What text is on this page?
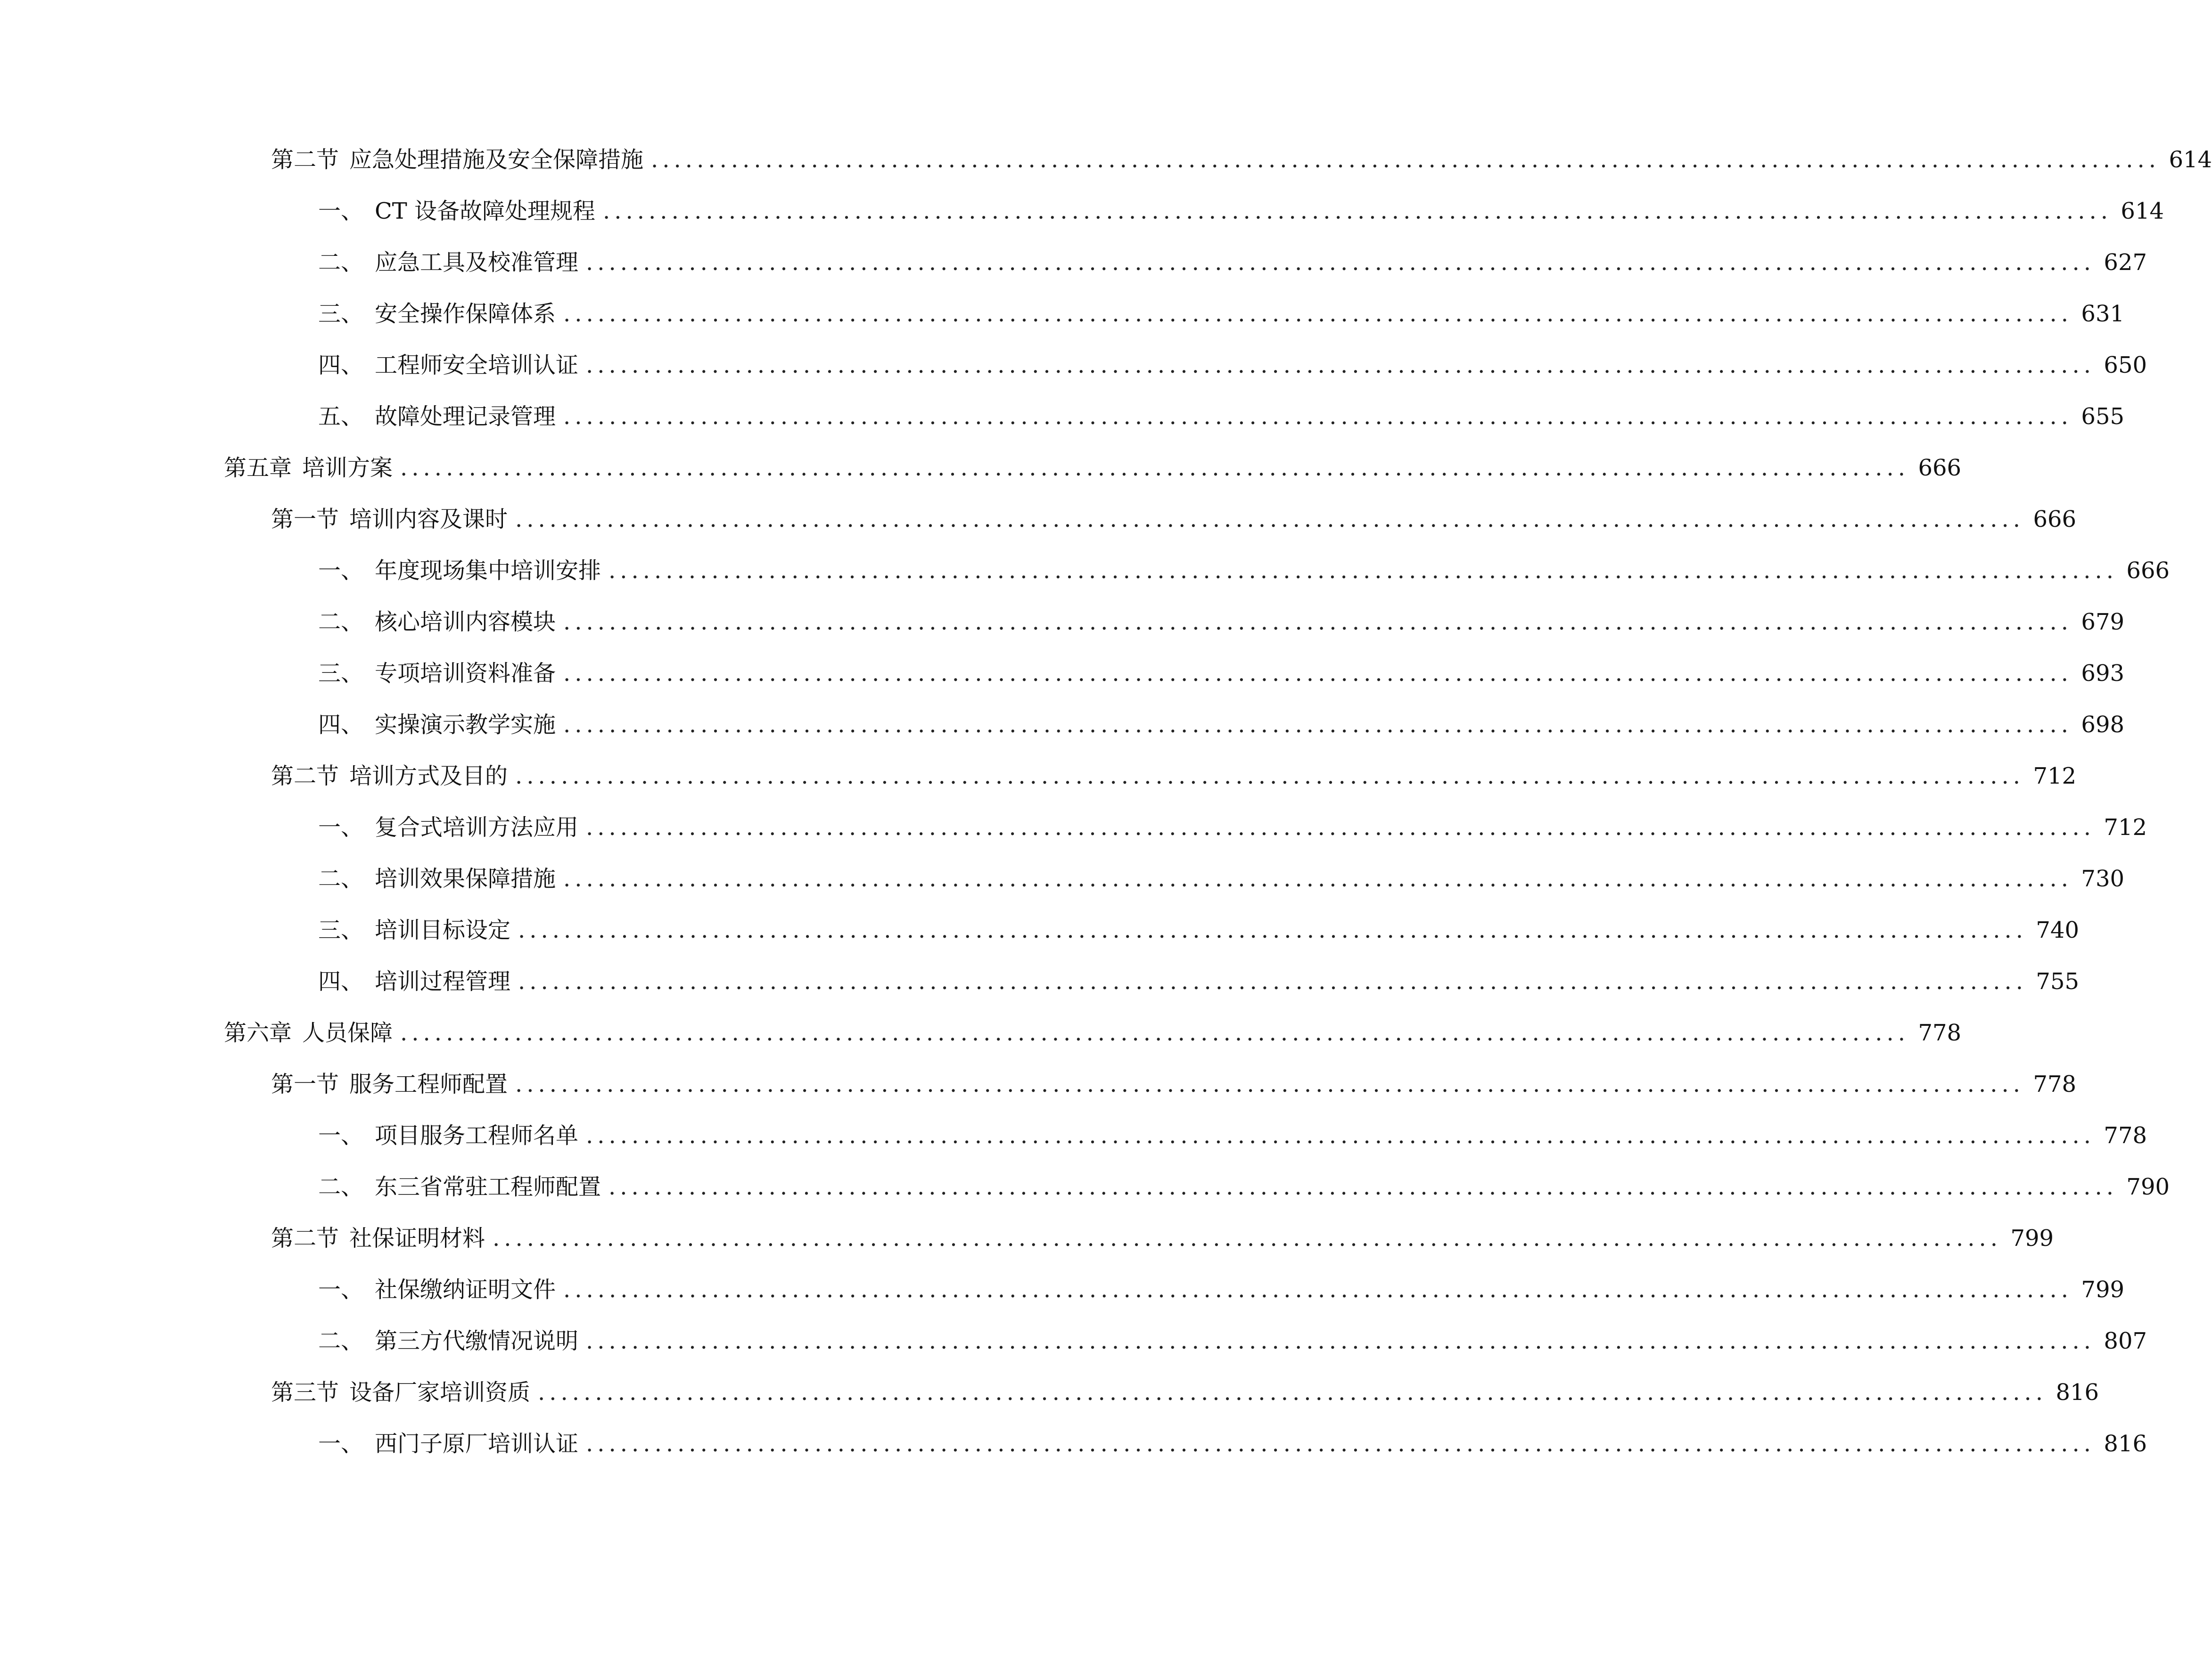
第二节 应急处理措施及安全保障措施 .................................................................................................................................... 614
一、 CT 设备故障处理规程 .................................................................................................................................... 614
二、 应急工具及校准管理 .................................................................................................................................... 627
三、 安全操作保障体系 .................................................................................................................................... 631
四、 工程师安全培训认证 .................................................................................................................................... 650
五、 故障处理记录管理 .................................................................................................................................... 655
第五章 培训方案 .................................................................................................................................... 666
第一节 培训内容及课时 .................................................................................................................................... 666
一、 年度现场集中培训安排 .................................................................................................................................... 666
二、 核心培训内容模块 .................................................................................................................................... 679
三、 专项培训资料准备 .................................................................................................................................... 693
四、 实操演示教学实施 .................................................................................................................................... 698
第二节 培训方式及目的 .................................................................................................................................... 712
一、 复合式培训方法应用 .................................................................................................................................... 712
二、 培训效果保障措施 .................................................................................................................................... 730
三、 培训目标设定 .................................................................................................................................... 740
四、 培训过程管理 .................................................................................................................................... 755
第六章 人员保障 .................................................................................................................................... 778
第一节 服务工程师配置 .................................................................................................................................... 778
一、 项目服务工程师名单 .................................................................................................................................... 778
二、 东三省常驻工程师配置 .................................................................................................................................... 790
第二节 社保证明材料 .................................................................................................................................... 799
一、 社保缴纳证明文件 .................................................................................................................................... 799
二、 第三方代缴情况说明 .................................................................................................................................... 807
第三节 设备厂家培训资质 .................................................................................................................................... 816
一、 西门子原厂培训认证 .................................................................................................................................... 816
